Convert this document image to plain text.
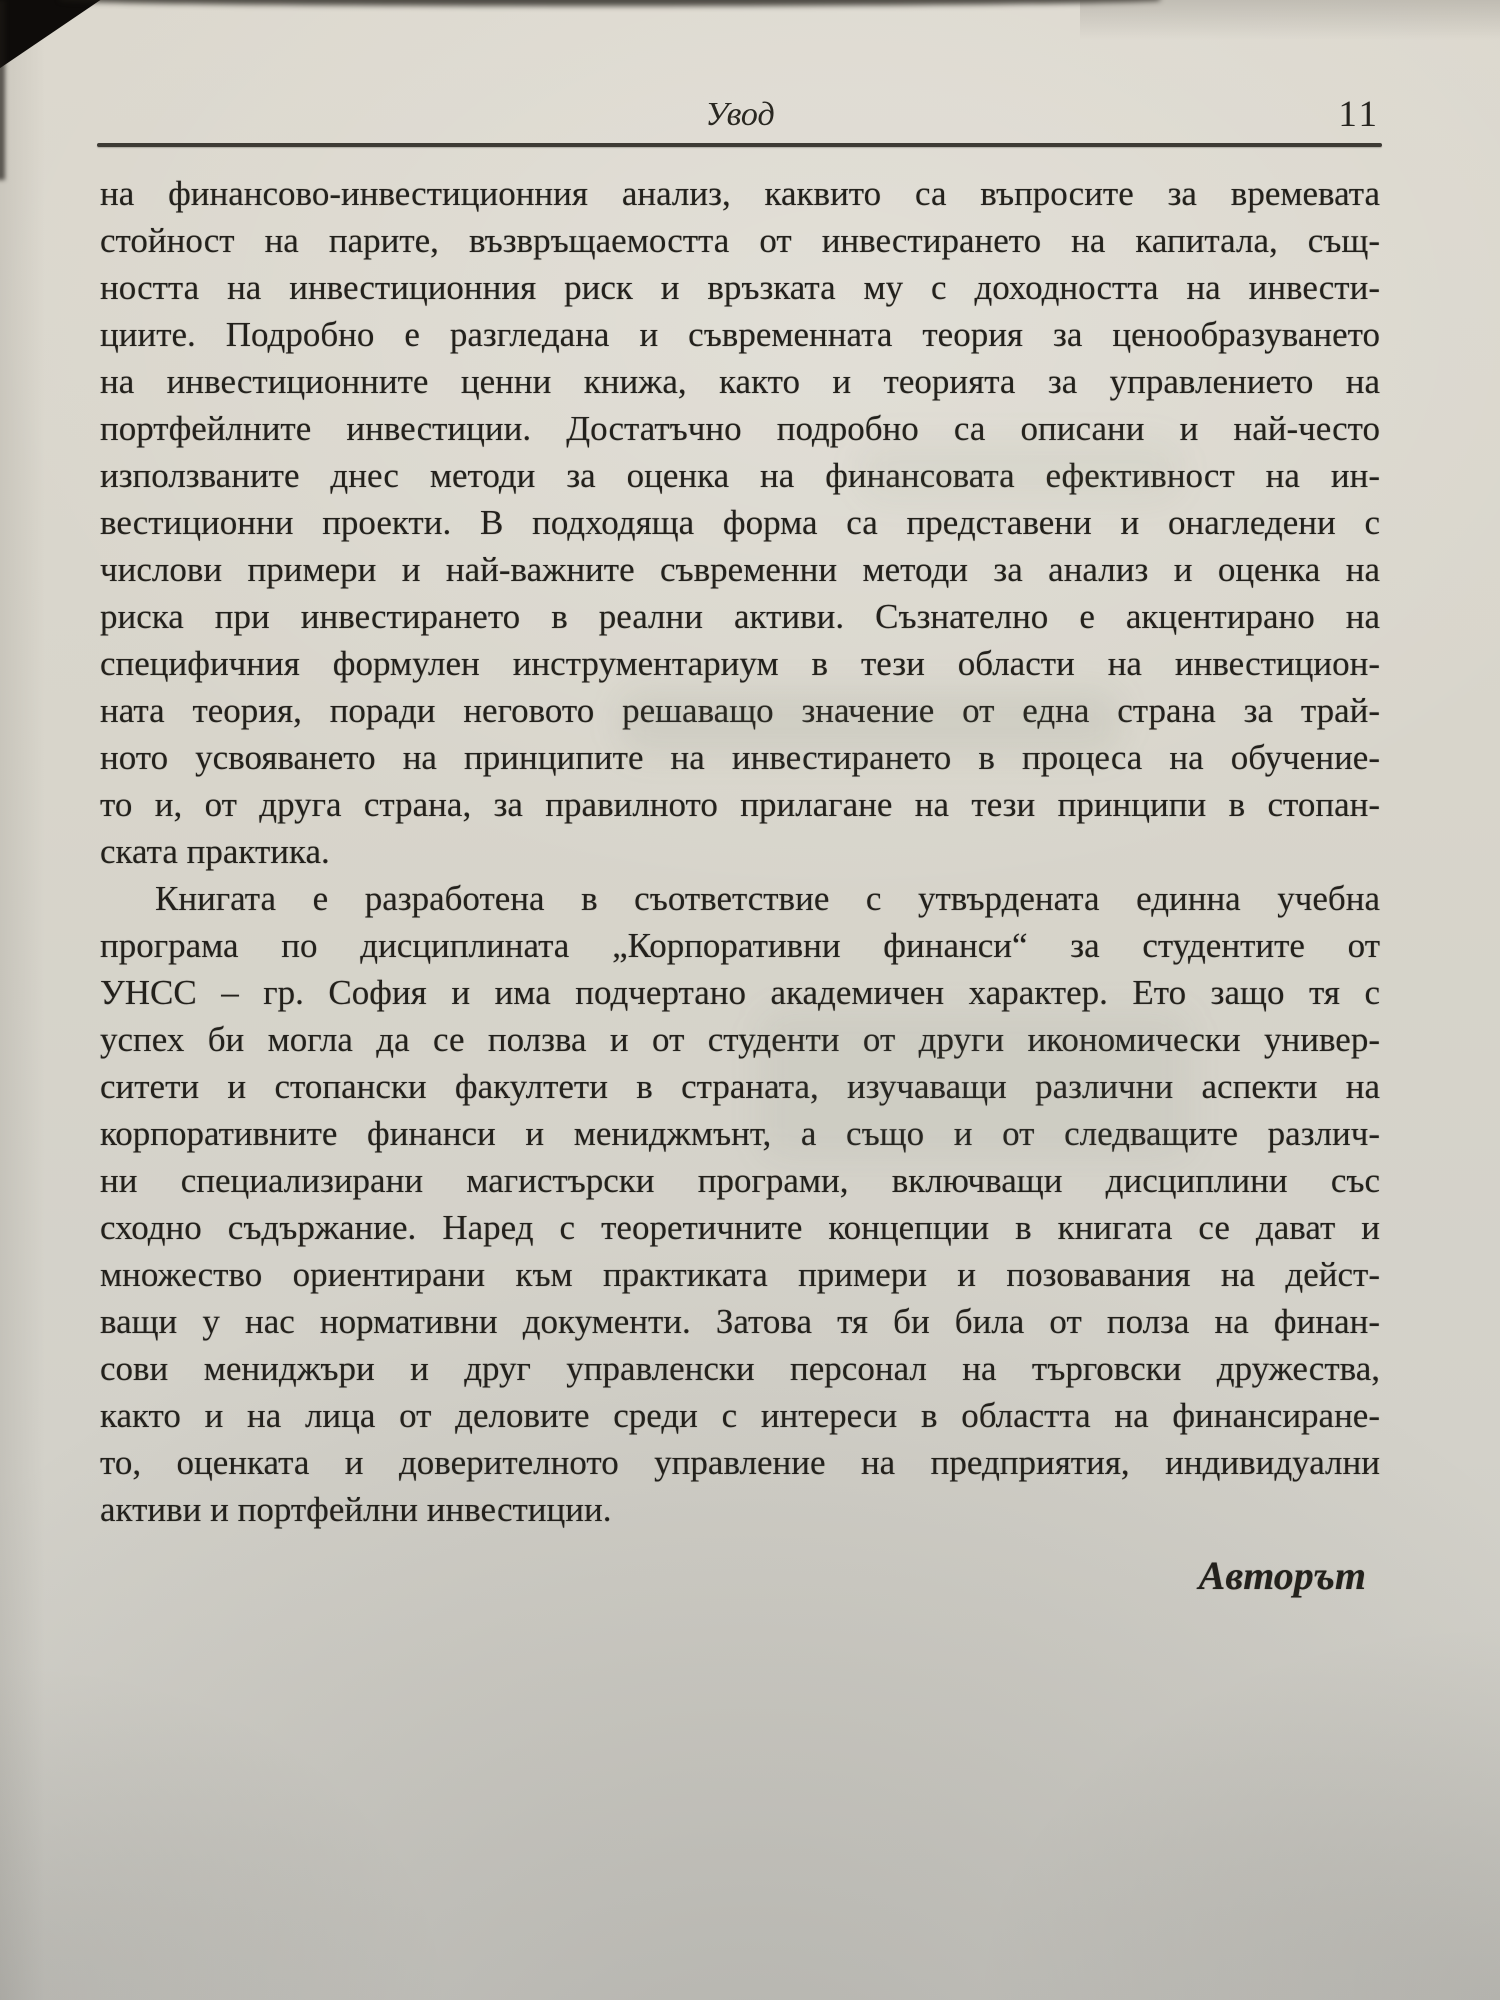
Увод	11
на финансово-инвестиционния анализ, каквито са въпросите за времевата
стойност на парите, възвръщаемостта от инвестирането на капитала, същ-
ността на инвестиционния риск и връзката му с доходността на инвести-
циите. Подробно е разгледана и съвременната теория за ценообразуването
на инвестиционните ценни книжа, както и теорията за управлението на
портфейлните инвестиции. Достатъчно подробно са описани и най-често
използваните днес методи за оценка на финансовата ефективност на ин-
вестиционни проекти. В подходяща форма са представени и онагледени с
числови примери и най-важните съвременни методи за анализ и оценка на
риска при инвестирането в реални активи. Съзнателно е акцентирано на
специфичния формулен инструментариум в тези области на инвестицион-
ната теория, поради неговото решаващо значение от една страна за трай-
ното усвояването на принципите на инвестирането в процеса на обучение-
то и, от друга страна, за правилното прилагане на тези принципи в стопан-
ската практика.
Книгата е разработена в съответствие с утвърдената единна учебна
програма по дисциплината „Корпоративни финанси“ за студентите от
УНСС – гр. София и има подчертано академичен характер. Ето защо тя с
успех би могла да се ползва и от студенти от други икономически универ-
ситети и стопански факултети в страната, изучаващи различни аспекти на
корпоративните финанси и мениджмънт, а също и от следващите различ-
ни специализирани магистърски програми, включващи дисциплини със
сходно съдържание. Наред с теоретичните концепции в книгата се дават и
множество ориентирани към практиката примери и позовавания на дейст-
ващи у нас нормативни документи. Затова тя би била от полза на финан-
сови мениджъри и друг управленски персонал на търговски дружества,
както и на лица от деловите среди с интереси в областта на финансиране-
то, оценката и доверителното управление на предприятия, индивидуални
активи и портфейлни инвестиции.
Авторът
